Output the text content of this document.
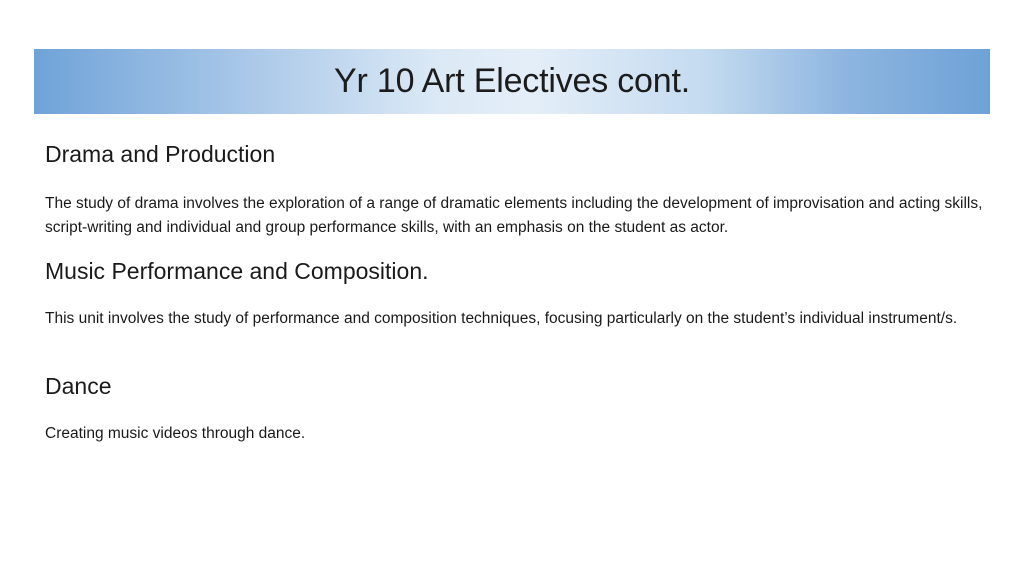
Yr 10 Art Electives cont.
Drama and Production

The study of drama involves the exploration of a range of dramatic elements including the development of improvisation and acting skills, script-writing and individual and group performance skills, with an emphasis on the student as actor.

Music Performance and Composition.

This unit involves the study of performance and composition techniques, focusing particularly on the student’s individual instrument/s.

Dance

Creating music videos through dance.
